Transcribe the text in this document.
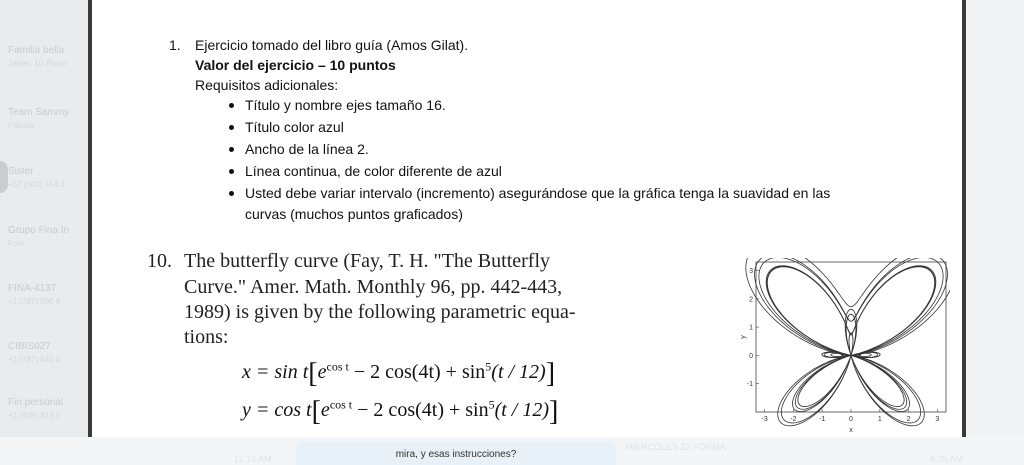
Familia bella
Jaider: 10 Photo
Team Sammy
Fabiola
Sister
+57 (300) 454 3
Grupo Fina In
Foto
FINA-4137
+1 (787) 590 8
CIBIS027
+1 (787) 541 8
Fin personal
+1 (939) 319 9
1. Ejercicio tomado del libro guía (Amos Gilat).
Valor del ejercicio – 10 puntos
Requisitos adicionales:
Título y nombre ejes tamaño 16.
Título color azul
Ancho de la línea 2.
Línea continua, de color diferente de azul
Usted debe variar intervalo (incremento) asegurándose que la gráfica tenga la suavidad en las
curvas (muchos puntos graficados)
10. The butterfly curve (Fay, T. H. "The Butterfly
Curve." Amer. Math. Monthly 96, pp. 442-443,
1989) is given by the following parametric equa-
tions:
$x = \sin t[e^{cos t} - 2$ $\cos(4t) + \sin^5(t / 12)$]
$y = \cos t[e^{cos t} - 2$ $\cos(4t) + \sin^5(t / 12)$]	-3	-2	-1	0	1	2	3
3
2
1
0
-1
x
y
MIERCOLES 22 FORMA
11:13 AM	8:35 AM
mira, y esas instrucciones?
